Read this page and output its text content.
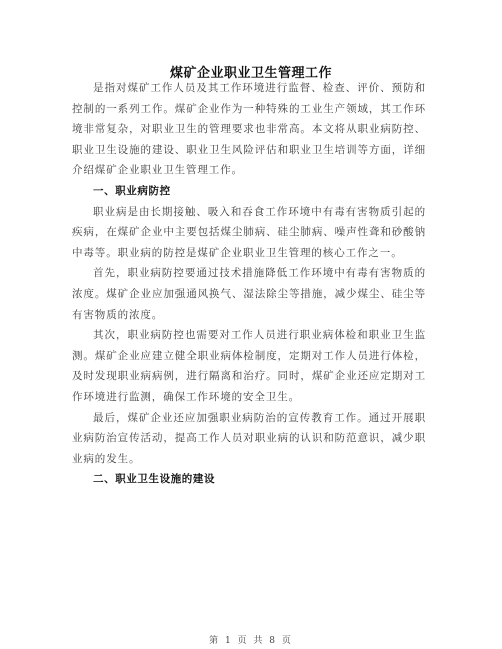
煤矿企业职业卫生管理工作

是指对煤矿工作人员及其工作环境进行监督、检查、评价、预防和控制的一系列工作。煤矿企业作为一种特殊的工业生产领域，其工作环境非常复杂，对职业卫生的管理要求也非常高。本文将从职业病防控、职业卫生设施的建设、职业卫生风险评估和职业卫生培训等方面，详细介绍煤矿企业职业卫生管理工作。

一、职业病防控

职业病是由长期接触、吸入和吞食工作环境中有毒有害物质引起的疾病，在煤矿企业中主要包括煤尘肺病、硅尘肺病、噪声性聋和砂酸钠中毒等。职业病的防控是煤矿企业职业卫生管理的核心工作之一。

首先，职业病防控要通过技术措施降低工作环境中有毒有害物质的浓度。煤矿企业应加强通风换气、湿法除尘等措施，减少煤尘、硅尘等有害物质的浓度。

其次，职业病防控也需要对工作人员进行职业病体检和职业卫生监测。煤矿企业应建立健全职业病体检制度，定期对工作人员进行体检，及时发现职业病病例，进行隔离和治疗。同时，煤矿企业还应定期对工作环境进行监测，确保工作环境的安全卫生。

最后，煤矿企业还应加强职业病防治的宣传教育工作。通过开展职业病防治宣传活动，提高工作人员对职业病的认识和防范意识，减少职业病的发生。

二、职业卫生设施的建设

第 1 页 共 8 页
